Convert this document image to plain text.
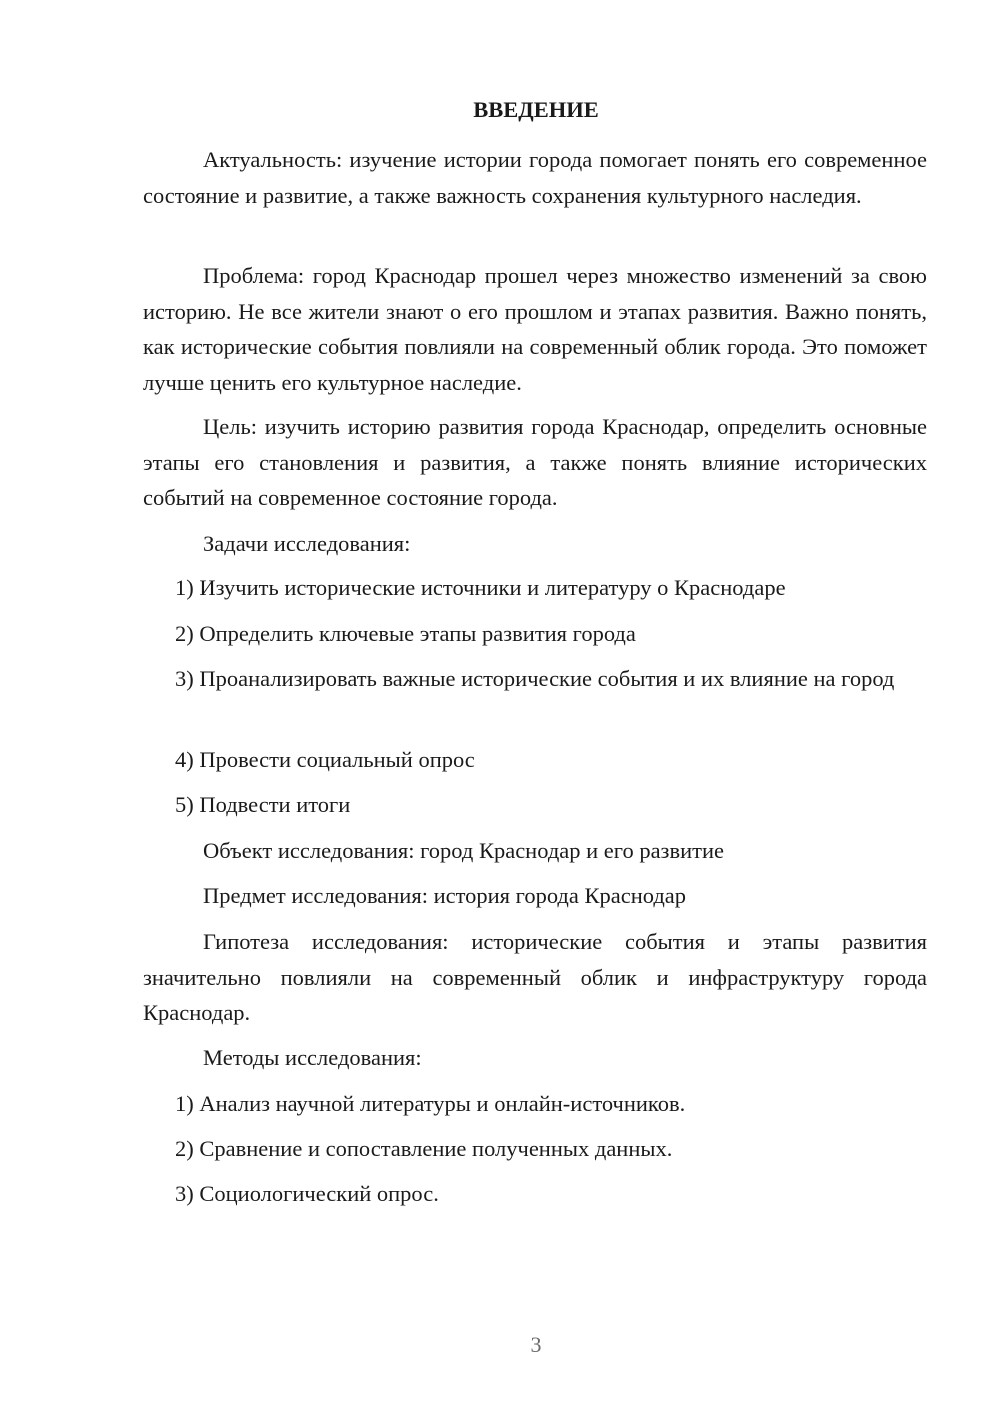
ВВЕДЕНИЕ

Актуальность: изучение истории города помогает понять его современное состояние и развитие, а также важность сохранения культурного наследия.

Проблема: город Краснодар прошел через множество изменений за свою историю. Не все жители знают о его прошлом и этапах развития. Важно понять, как исторические события повлияли на современный облик города. Это поможет лучше ценить его культурное наследие.

Цель: изучить историю развития города Краснодар, определить основные этапы его становления и развития, а также понять влияние исторических событий на современное состояние города.

Задачи исследования:

1) Изучить исторические источники и литературу о Краснодаре

2) Определить ключевые этапы развития города

3) Проанализировать важные исторические события и их влияние на город

4) Провести социальный опрос

5) Подвести итоги

Объект исследования: город Краснодар и его развитие

Предмет исследования: история города Краснодар

Гипотеза исследования: исторические события и этапы развития значительно повлияли на современный облик и инфраструктуру города Краснодар.

Методы исследования:

1) Анализ научной литературы и онлайн-источников.

2) Сравнение и сопоставление полученных данных.

3) Социологический опрос.

3
